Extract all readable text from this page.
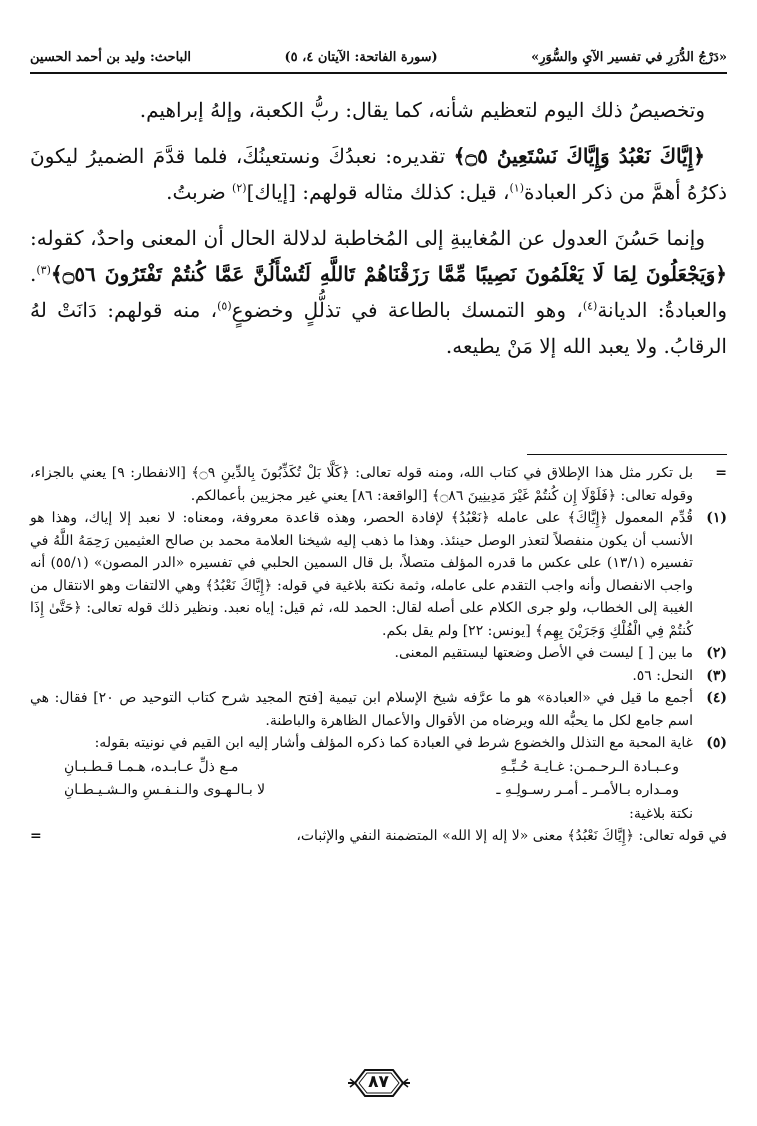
«دَرْجُ الدُّرَرِ في تفسير الآيِ والسُّوَرِ»
(سورة الفاتحة: الآيتان ٤، ٥)
الباحث: وليد بن أحمد الحسين

وتخصيصُ ذلك اليوم لتعظيم شأنه، كما يقال: ربُّ الكعبة، وإلهُ إبراهيم.

﴿إِيَّاكَ نَعْبُدُ وَإِيَّاكَ نَسْتَعِينُ ۝٥﴾ تقديره: نعبدُكَ ونستعينُكَ، فلما قدَّمَ الضميرُ ليكونَ ذكرُهُ أهمَّ من ذكر العبادة$^{(١)}$، قيل: كذلك مثاله قولهم: [إياك]$^{(٢)}$ ضربتُ.

وإنما حَسُنَ العدول عن المُغايبةِ إلى المُخاطبة لدلالة الحال أن المعنى واحدٌ، كقوله: ﴿وَيَجْعَلُونَ لِمَا لَا يَعْلَمُونَ نَصِيبًا مِّمَّا رَزَقْنَاهُمْ تَاللَّهِ لَتُسْأَلُنَّ عَمَّا كُنتُمْ تَفْتَرُونَ ۝٥٦﴾$^{(٣)}$. والعبادةُ: الديانة$^{(٤)}$، وهو التمسك بالطاعة في تذلُّلٍ وخضوعٍ$^{(٥)}$، منه قولهم: دَانَتْ لهُ الرقابُ. ولا يعبد الله إلا مَنْ يطيعه.

=
بل تكرر مثل هذا الإطلاق في كتاب الله، ومنه قوله تعالى: ﴿كَلَّا بَلْ تُكَذِّبُونَ بِالدِّينِ ۝٩﴾ [الانفطار: ٩] يعني بالجزاء، وقوله تعالى: ﴿فَلَوْلَا إِن كُنتُمْ غَيْرَ مَدِينِينَ ۝٨٦﴾ [الواقعة: ٨٦] يعني غير مجزيين بأعمالكم.
(١)
قُدِّم المعمول ﴿إِيَّاكَ﴾ على عامله ﴿نَعْبُدُ﴾ لإفادة الحصر، وهذه قاعدة معروفة، ومعناه: لا نعبد إلا إياك، وهذا هو الأنسب أن يكون منفصلاً لتعذر الوصل حينئذ. وهذا ما ذهب إليه شيخنا العلامة محمد بن صالح العثيمين رَحِمَهُ اللَّهُ في تفسيره (١٣/١) على عكس ما قدره المؤلف متصلاً، بل قال السمين الحلبي في تفسيره «الدر المصون» (٥٥/١) أنه واجب الانفصال وأنه واجب التقدم على عامله، وثمة نكتة بلاغية في قوله: ﴿إِيَّاكَ نَعْبُدُ﴾ وهي الالتفات وهو الانتقال من الغيبة إلى الخطاب، ولو جرى الكلام على أصله لقال: الحمد لله، ثم قيل: إياه نعبد. ونظير ذلك قوله تعالى: ﴿حَتَّىٰ إِذَا كُنتُمْ فِي الْفُلْكِ وَجَرَيْنَ بِهِم﴾ [يونس: ٢٢] ولم يقل بكم.
(٢)
ما بين [ ] ليست في الأصل وضعتها ليستقيم المعنى.
(٣)
النحل: ٥٦.
(٤)
أجمع ما قيل في «العبادة» هو ما عرَّفه شيخ الإسلام ابن تيمية [فتح المجيد شرح كتاب التوحيد ص ٢٠] فقال: هي اسم جامع لكل ما يحبُّه الله ويرضاه من الأقوال والأعمال الظاهرة والباطنة.
(٥)

غاية المحبة مع التذلل والخضوع شرط في العبادة كما ذكره المؤلف وأشار إليه ابن القيم في نونيته بقوله:

وعـبـادة الـرحـمـن: غـايـة حُـبِّـهِ
مـع ذلِّ عـابـده، هـمـا قـطـبـانِ
ومـداره بـالأمـر ـ أمـر رسـولِـهِ ـ
لا بـالـهـوى والـنـفـسِ والـشـيـطـانِ

نكتة بلاغية:

في قوله تعالى: ﴿إِيَّاكَ نَعْبُدُ﴾ معنى «لا إله إلا الله» المتضمنة النفي والإثبات،
=
٨٧
